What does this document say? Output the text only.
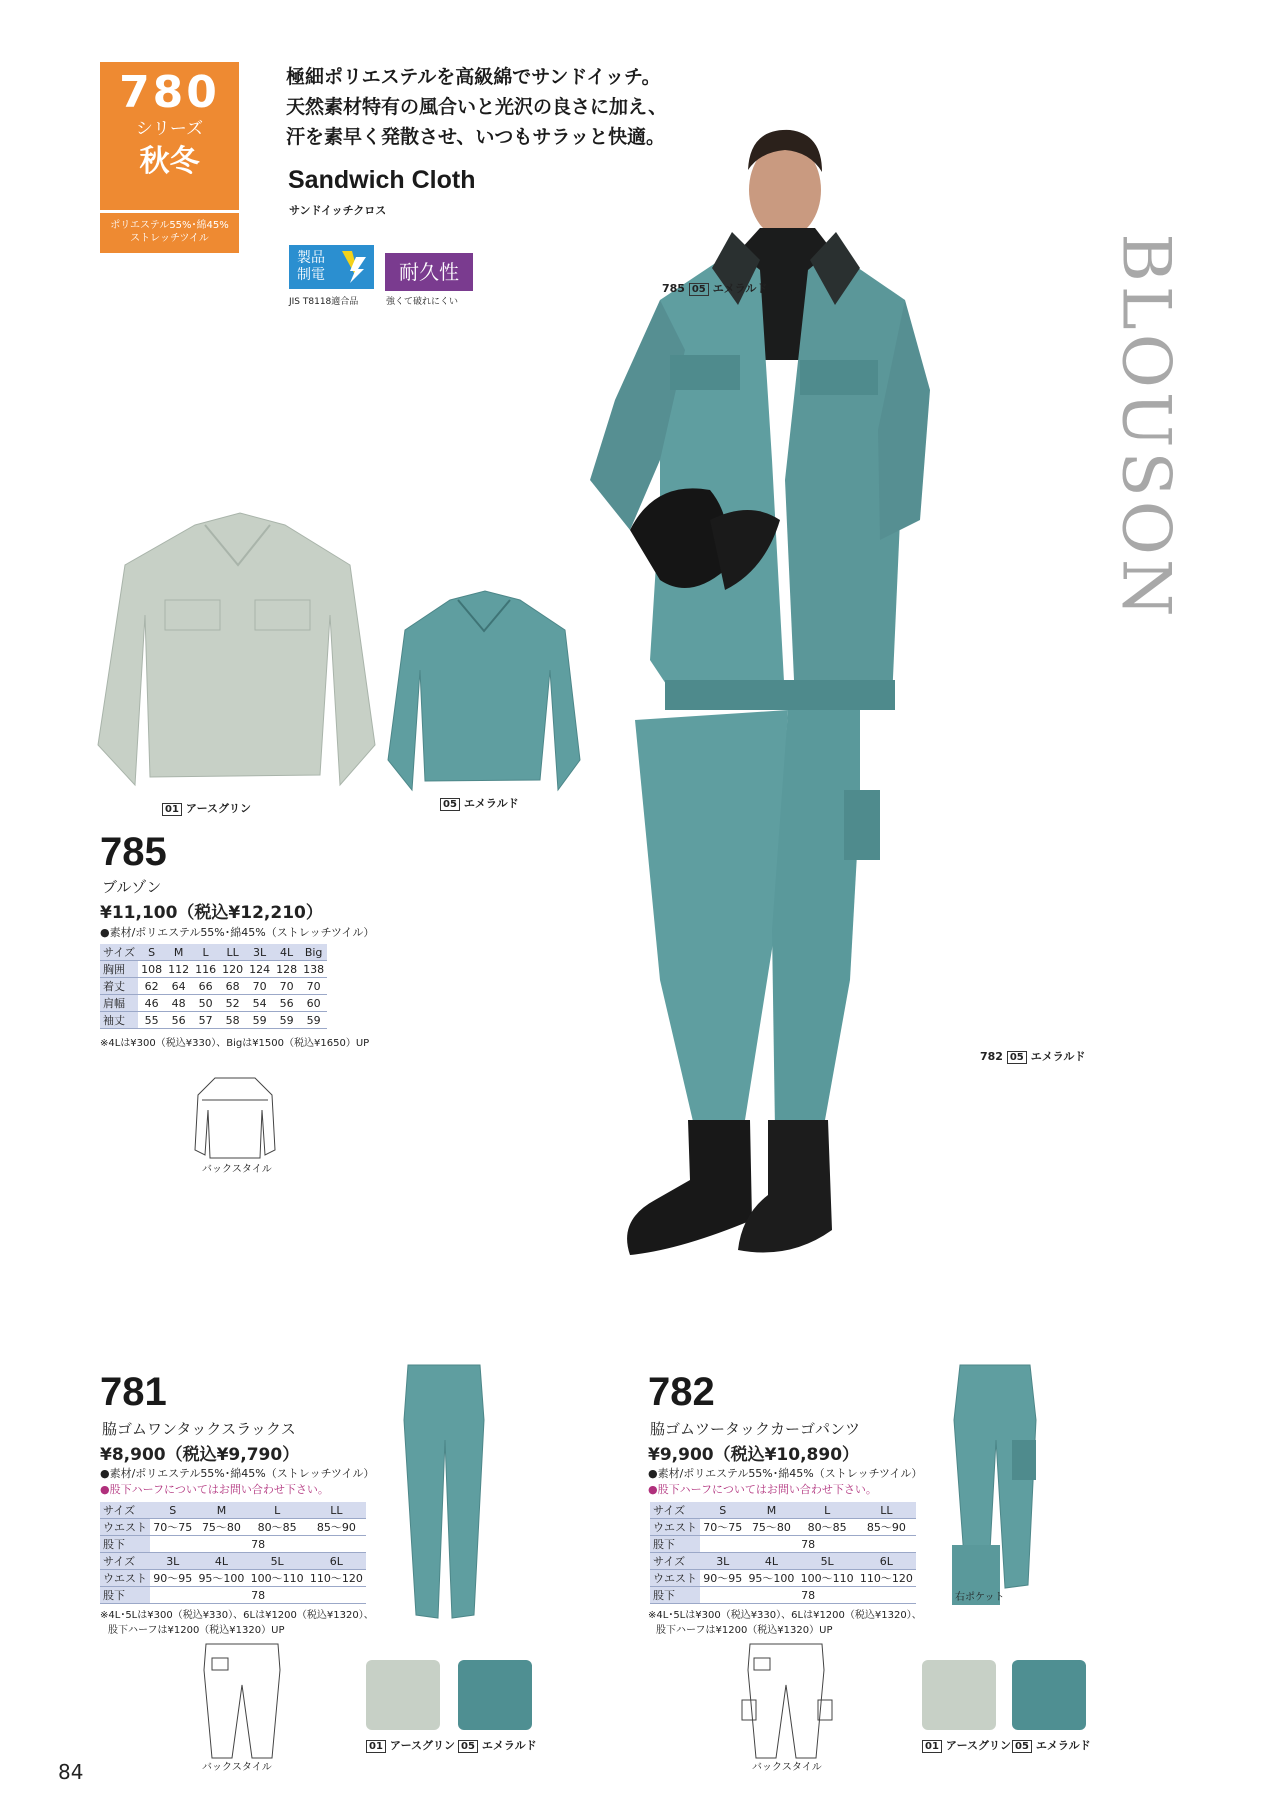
780
シリーズ
秋冬
ポリエステル55%･綿45%
ストレッチツイル
極細ポリエステルを高級綿でサンドイッチ。
天然素材特有の風合いと光沢の良さに加え、
汗を素早く発散させ、いつもサラッと快適。
Sandwich Cloth
サンドイッチクロス
製品
制電	耐久性
JIS T8118適合品	強くて破れにくい	BLOUSON
785 05 エメラルド
782 05 エメラルド
01 アースグリン	05 エメラルド
785
ブルゾン
¥11,100（税込¥12,210）
●素材/ポリエステル55%･綿45%（ストレッチツイル）
サイズ	S	M	L	LL	3L	4L	Big
胸囲	108	112	116	120	124	128	138
着丈	62	64	66	68	70	70	70
肩幅	46	48	50	52	54	56	60
袖丈	55	56	57	58	59	59	59
※4Lは¥300（税込¥330）、Bigは¥1500（税込¥1650）UP
バックスタイル
781
脇ゴムワンタックスラックス
¥8,900（税込¥9,790）
●素材/ポリエステル55%･綿45%（ストレッチツイル）
●股下ハーフについてはお問い合わせ下さい。
サイズ	S	M	L	LL
ウエスト	70〜75	75〜80	80〜85	85〜90
股下	78			
サイズ	3L	4L	5L	6L
ウエスト	90〜95	95〜100	100〜110	110〜120
股下	78			
※4L･5Lは¥300（税込¥330）、6Lは¥1200（税込¥1320）、
股下ハーフは¥1200（税込¥1320）UP
バックスタイル
01 アースグリン 05 エメラルド
782
脇ゴムツータックカーゴパンツ
¥9,900（税込¥10,890）
●素材/ポリエステル55%･綿45%（ストレッチツイル）
●股下ハーフについてはお問い合わせ下さい。
サイズ	S	M	L	LL
ウエスト	70〜75	75〜80	80〜85	85〜90
股下	78			
サイズ	3L	4L	5L	6L
ウエスト	90〜95	95〜100	100〜110	110〜120
股下	78			
※4L･5Lは¥300（税込¥330）、6Lは¥1200（税込¥1320）、
股下ハーフは¥1200（税込¥1320）UP
右ポケット
バックスタイル
01 アースグリン 05 エメラルド
84
